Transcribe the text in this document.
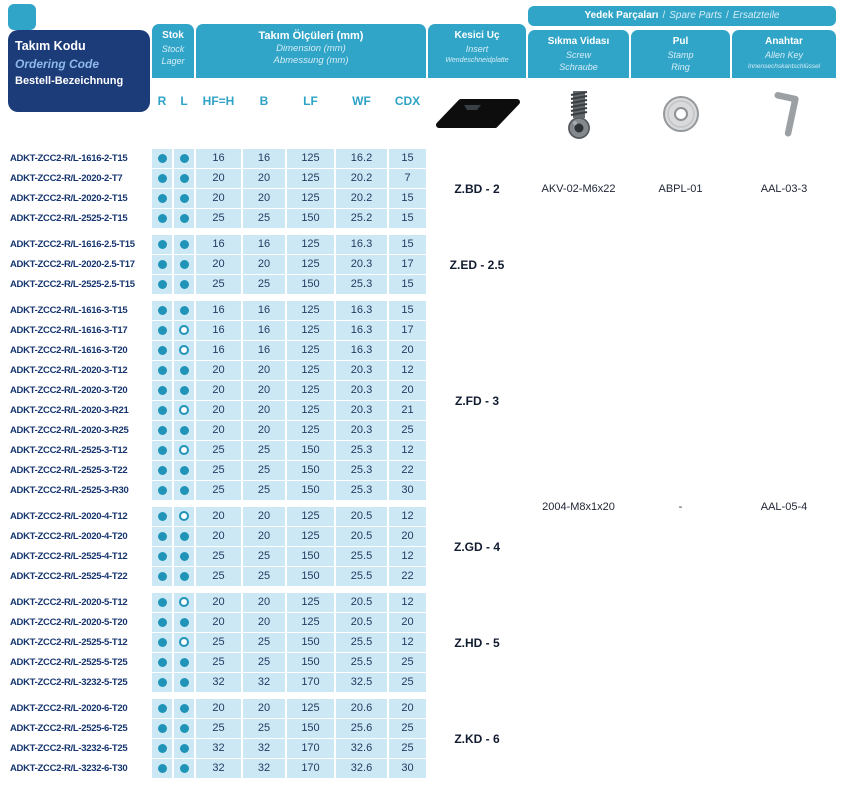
	R	L	HF=H	B	LF	WF	CDX				
ADKT-ZCC2-R/L-1616-2-T15			16	16	125	16.2	15	Z.BD - 2	AKV-02-M6x22	ABPL-01	AAL-03-3
ADKT-ZCC2-R/L-2020-2-T7			20	20	125	20.2	7				
ADKT-ZCC2-R/L-2020-2-T15			20	20	125	20.2	15				
ADKT-ZCC2-R/L-2525-2-T15			25	25	150	25.2	15				

ADKT-ZCC2-R/L-1616-2.5-T15			16	16	125	16.3	15	Z.ED - 2.5	2004-M8x1x20	-	AAL-05-4
ADKT-ZCC2-R/L-2020-2.5-T17			20	20	125	20.3	17				
ADKT-ZCC2-R/L-2525-2.5-T15			25	25	150	25.3	15				

ADKT-ZCC2-R/L-1616-3-T15			16	16	125	16.3	15	Z.FD - 3			
ADKT-ZCC2-R/L-1616-3-T17			16	16	125	16.3	17				
ADKT-ZCC2-R/L-1616-3-T20			16	16	125	16.3	20				
ADKT-ZCC2-R/L-2020-3-T12			20	20	125	20.3	12				
ADKT-ZCC2-R/L-2020-3-T20			20	20	125	20.3	20				
ADKT-ZCC2-R/L-2020-3-R21			20	20	125	20.3	21				
ADKT-ZCC2-R/L-2020-3-R25			20	20	125	20.3	25				
ADKT-ZCC2-R/L-2525-3-T12			25	25	150	25.3	12				
ADKT-ZCC2-R/L-2525-3-T22			25	25	150	25.3	22				
ADKT-ZCC2-R/L-2525-3-R30			25	25	150	25.3	30				

ADKT-ZCC2-R/L-2020-4-T12			20	20	125	20.5	12	Z.GD - 4			
ADKT-ZCC2-R/L-2020-4-T20			20	20	125	20.5	20				
ADKT-ZCC2-R/L-2525-4-T12			25	25	150	25.5	12				
ADKT-ZCC2-R/L-2525-4-T22			25	25	150	25.5	22				

ADKT-ZCC2-R/L-2020-5-T12			20	20	125	20.5	12	Z.HD - 5			
ADKT-ZCC2-R/L-2020-5-T20			20	20	125	20.5	20				
ADKT-ZCC2-R/L-2525-5-T12			25	25	150	25.5	12				
ADKT-ZCC2-R/L-2525-5-T25			25	25	150	25.5	25				
ADKT-ZCC2-R/L-3232-5-T25			32	32	170	32.5	25				

ADKT-ZCC2-R/L-2020-6-T20			20	20	125	20.6	20	Z.KD - 6			
ADKT-ZCC2-R/L-2525-6-T25			25	25	150	25.6	25				
ADKT-ZCC2-R/L-3232-6-T25			32	32	170	32.6	25				
ADKT-ZCC2-R/L-3232-6-T30			32	32	170	32.6	30				
Takım Kodu
Ordering Code
Bestell-Bezeichnung
Stok
Stock
Lager
Takım Ölçüleri (mm)
Dimension (mm)
Abmessung (mm)
Kesici Uç
Insert
Wendeschneidplatte
Yedek Parçaları / Spare Parts / Ersatzteile
Sıkma Vidası
Screw
Schraube
Pul
Stamp
Ring
Anahtar
Allen Key
Innensechskantschlüssel
